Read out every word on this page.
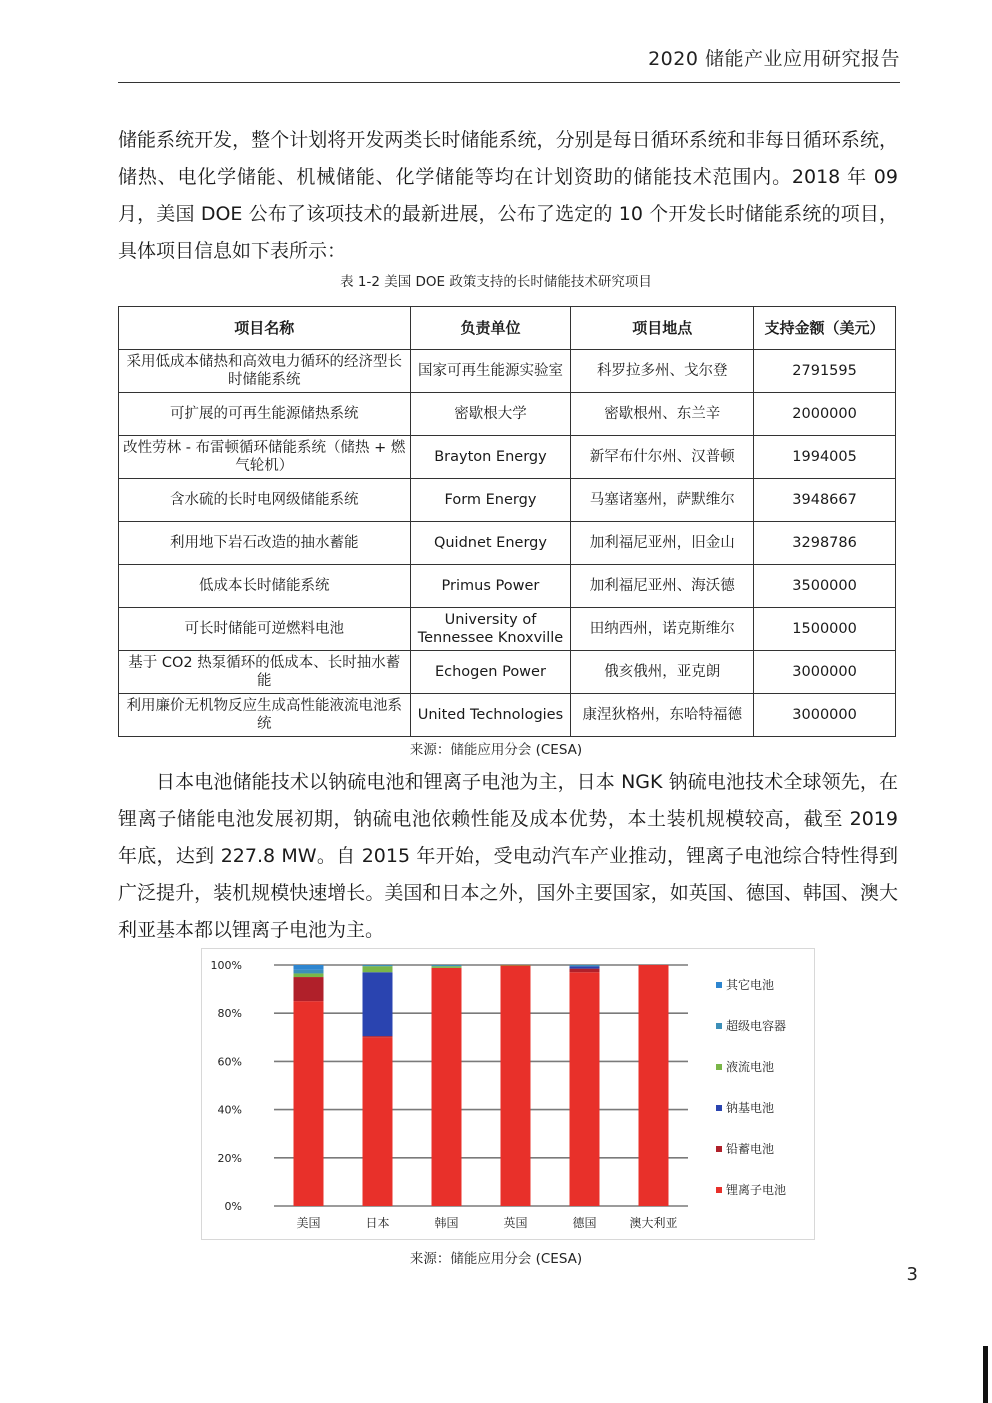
2020 储能产业应用研究报告

储能系统开发，整个计划将开发两类长时储能系统，分别是每日循环系统和非每日循环系统，储热、电化学储能、机械储能、化学储能等均在计划资助的储能技术范围内。2018 年 09 月，美国 DOE 公布了该项技术的最新进展，公布了选定的 10 个开发长时储能系统的项目，具体项目信息如下表所示：

表 1-2 美国 DOE 政策支持的长时储能技术研究项目
项目名称	负责单位	项目地点	支持金额（美元）
采用低成本储热和高效电力循环的经济型长时储能系统	国家可再生能源实验室	科罗拉多州、戈尔登	2791595
可扩展的可再生能源储热系统	密歇根大学	密歇根州、东兰辛	2000000
改性劳林 - 布雷顿循环储能系统（储热 + 燃气轮机）	Brayton Energy	新罕布什尔州、汉普顿	1994005
含水硫的长时电网级储能系统	Form Energy	马塞诸塞州，萨默维尔	3948667
利用地下岩石改造的抽水蓄能	Quidnet Energy	加利福尼亚州，旧金山	3298786
低成本长时储能系统	Primus Power	加利福尼亚州、海沃德	3500000
可长时储能可逆燃料电池	University of Tennessee Knoxville	田纳西州，诺克斯维尔	1500000
基于 CO2 热泵循环的低成本、长时抽水蓄能	Echogen Power	俄亥俄州，亚克朗	3000000
利用廉价无机物反应生成高性能液流电池系统	United Technologies	康涅狄格州，东哈特福德	3000000
来源：储能应用分会 (CESA)

日本电池储能技术以钠硫电池和锂离子电池为主，日本 NGK 钠硫电池技术全球领先，在锂离子储能电池发展初期，钠硫电池依赖性能及成本优势，本土装机规模较高，截至 2019 年底，达到 227.8 MW。自 2015 年开始，受电动汽车产业推动，锂离子电池综合特性得到广泛提升，装机规模快速增长。美国和日本之外，国外主要国家，如英国、德国、韩国、澳大利亚基本都以锂离子电池为主。

100%
80%
60%
40%
20%
0%
美国	日本	韩国	英国	德国	澳大利亚
其它电池
超级电容器
液流电池
钠基电池
铅蓄电池
锂离子电池
来源：储能应用分会 (CESA)
3
